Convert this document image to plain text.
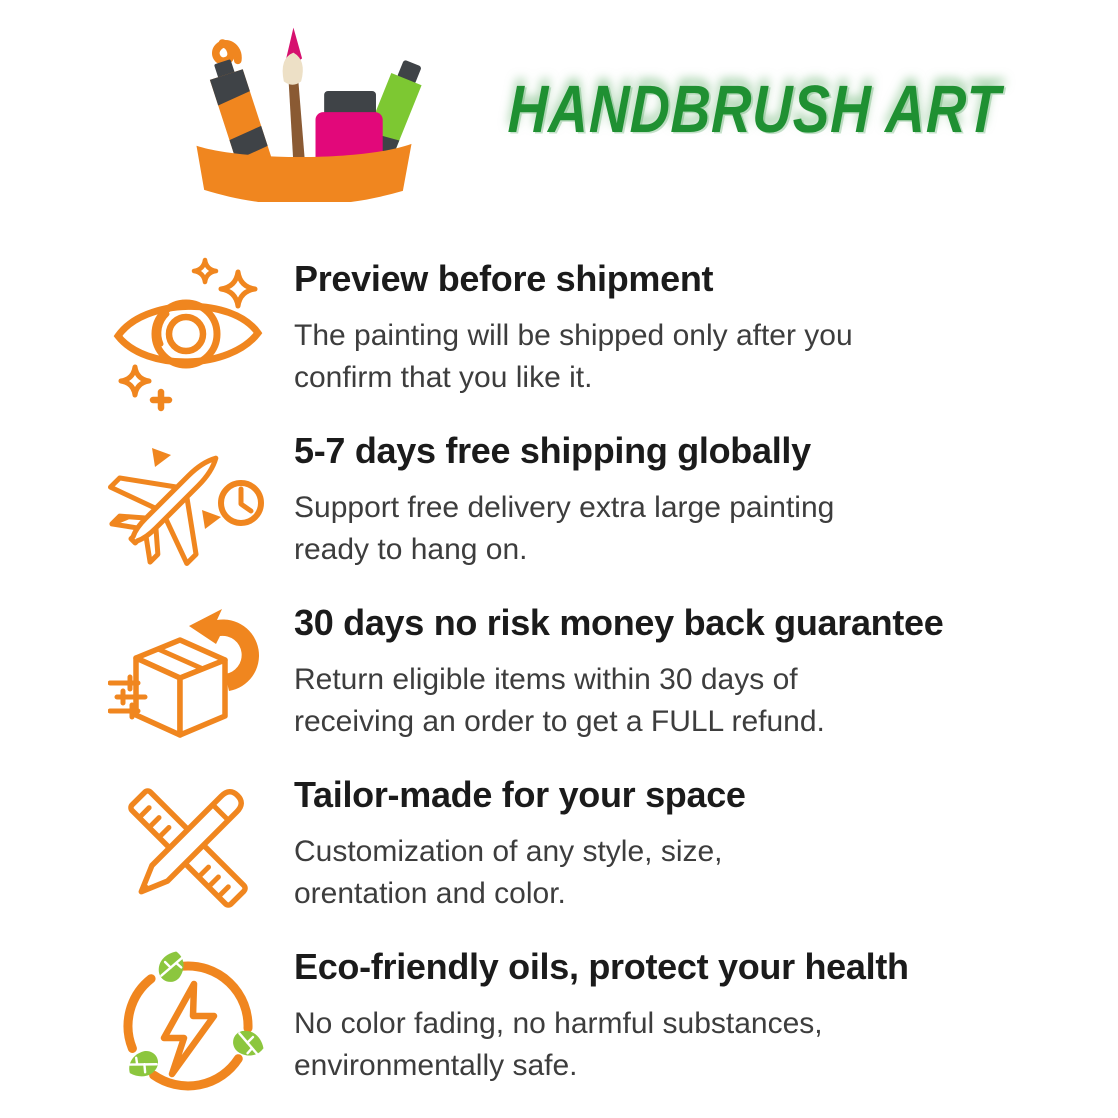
HANDBRUSH ART
Preview before shipment

The painting will be shipped only after you
confirm that you like it.

5-7 days free shipping globally

Support free delivery extra large painting
ready to hang on.

30 days no risk money back guarantee

Return eligible items within 30 days of
receiving an order to get a FULL refund.

Tailor-made for your space

Customization of any style, size,
orentation and color.

Eco-friendly oils, protect your health

No color fading, no harmful substances,
environmentally safe.
